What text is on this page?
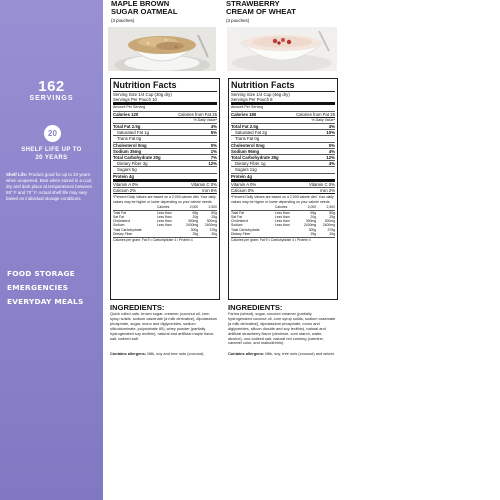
162
SERVINGS
20
SHELF LIFE UP TO
20 YEARS
Shelf Life: Product good for up to 20 years when unopened. Best when stored in a cool, dry and dark place at temperatures between 55° F and 70° F. Actual shelf life may vary based on individual storage conditions.
FOOD STORAGE
EMERGENCIES
EVERYDAY MEALS
MAPLE BROWN
SUGAR OATMEAL
(3 pouches)
Nutrition Facts
Serving Size 1/4 Cup (30g dry)
Servings Per Pouch 10
Amount Per Serving
Calories 120	Calories from Fat 25
% Daily Value*
Total Fat 2.5g	4%
Saturated Fat 1g	5%
Trans Fat 0g
Cholesterol 0mg	0%
Sodium 35mg	1%
Total Carbohydrate 20g	7%
Dietary Fiber 3g	12%
Sugars 5g
Protein 4g
Vitamin A 0%	Vitamin C 0%
Calcium 2%	Iron 6%
*Percent Daily Values are based on a 2,000 calorie diet. Your daily values may be higher or lower depending on your calorie needs.
	Calories	2,000	2,500
Total Fat	Less than	65g	80g
Sat Fat	Less than	20g	25g
Cholesterol	Less than	300mg	300mg
Sodium	Less than	2400mg	2400mg
Total Carbohydrate		300g	375g
Dietary Fiber		25g	30g
Calories per gram: Fat 9 • Carbohydrate 4 • Protein 4
INGREDIENTS:
Quick rolled oats, brown sugar, creamer (coconut oil, corn syrup solids, sodium caseinate [a milk derivative], dipotassium phosphate, sugar, mono and diglycerides, sodium silicoaluminate, polysorbate 80), whey powder (partially hydrogenated soy lecithin), natural and artificial maple flavor, salt, iodized salt.
Contains allergens: Milk, soy and tree nuts (coconut).
STRAWBERRY
CREAM OF WHEAT
(3 pouches)
Nutrition Facts
Serving Size 1/4 Cup (46g dry)
Servings Per Pouch 8
Amount Per Serving
Calories 180	Calories from Fat 25
% Daily Value*
Total Fat 2.5g	4%
Saturated Fat 2g	10%
Trans Fat 0g
Cholesterol 0mg	0%
Sodium 95mg	4%
Total Carbohydrate 35g	12%
Dietary Fiber 1g	4%
Sugars 11g
Protein 4g
Vitamin A 0%	Vitamin C 0%
Calcium 0%	Iron 2%
*Percent Daily Values are based on a 2,000 calorie diet. Your daily values may be higher or lower depending on your calorie needs.
	Calories	2,000	2,500
Total Fat	Less than	65g	80g
Sat Fat	Less than	20g	25g
Cholesterol	Less than	300mg	300mg
Sodium	Less than	2400mg	2400mg
Total Carbohydrate		300g	375g
Dietary Fiber		25g	30g
Calories per gram: Fat 9 • Carbohydrate 4 • Protein 4
INGREDIENTS:
Farina (wheat), sugar, coconut creamer (partially hydrogenated coconut oil, corn syrup solids, sodium caseinate [a milk derivative], dipotassium phosphate, mono and diglycerides, silicon dioxide and soy lecithin), natural and artificial strawberry flavor (dextrose, corn starch, water, alcohol), non-iodized salt, natural red coloring (carmine, caramel color, and maltodextrin).
Contains allergens: Milk, soy, tree nuts (coconut) and wheat.
